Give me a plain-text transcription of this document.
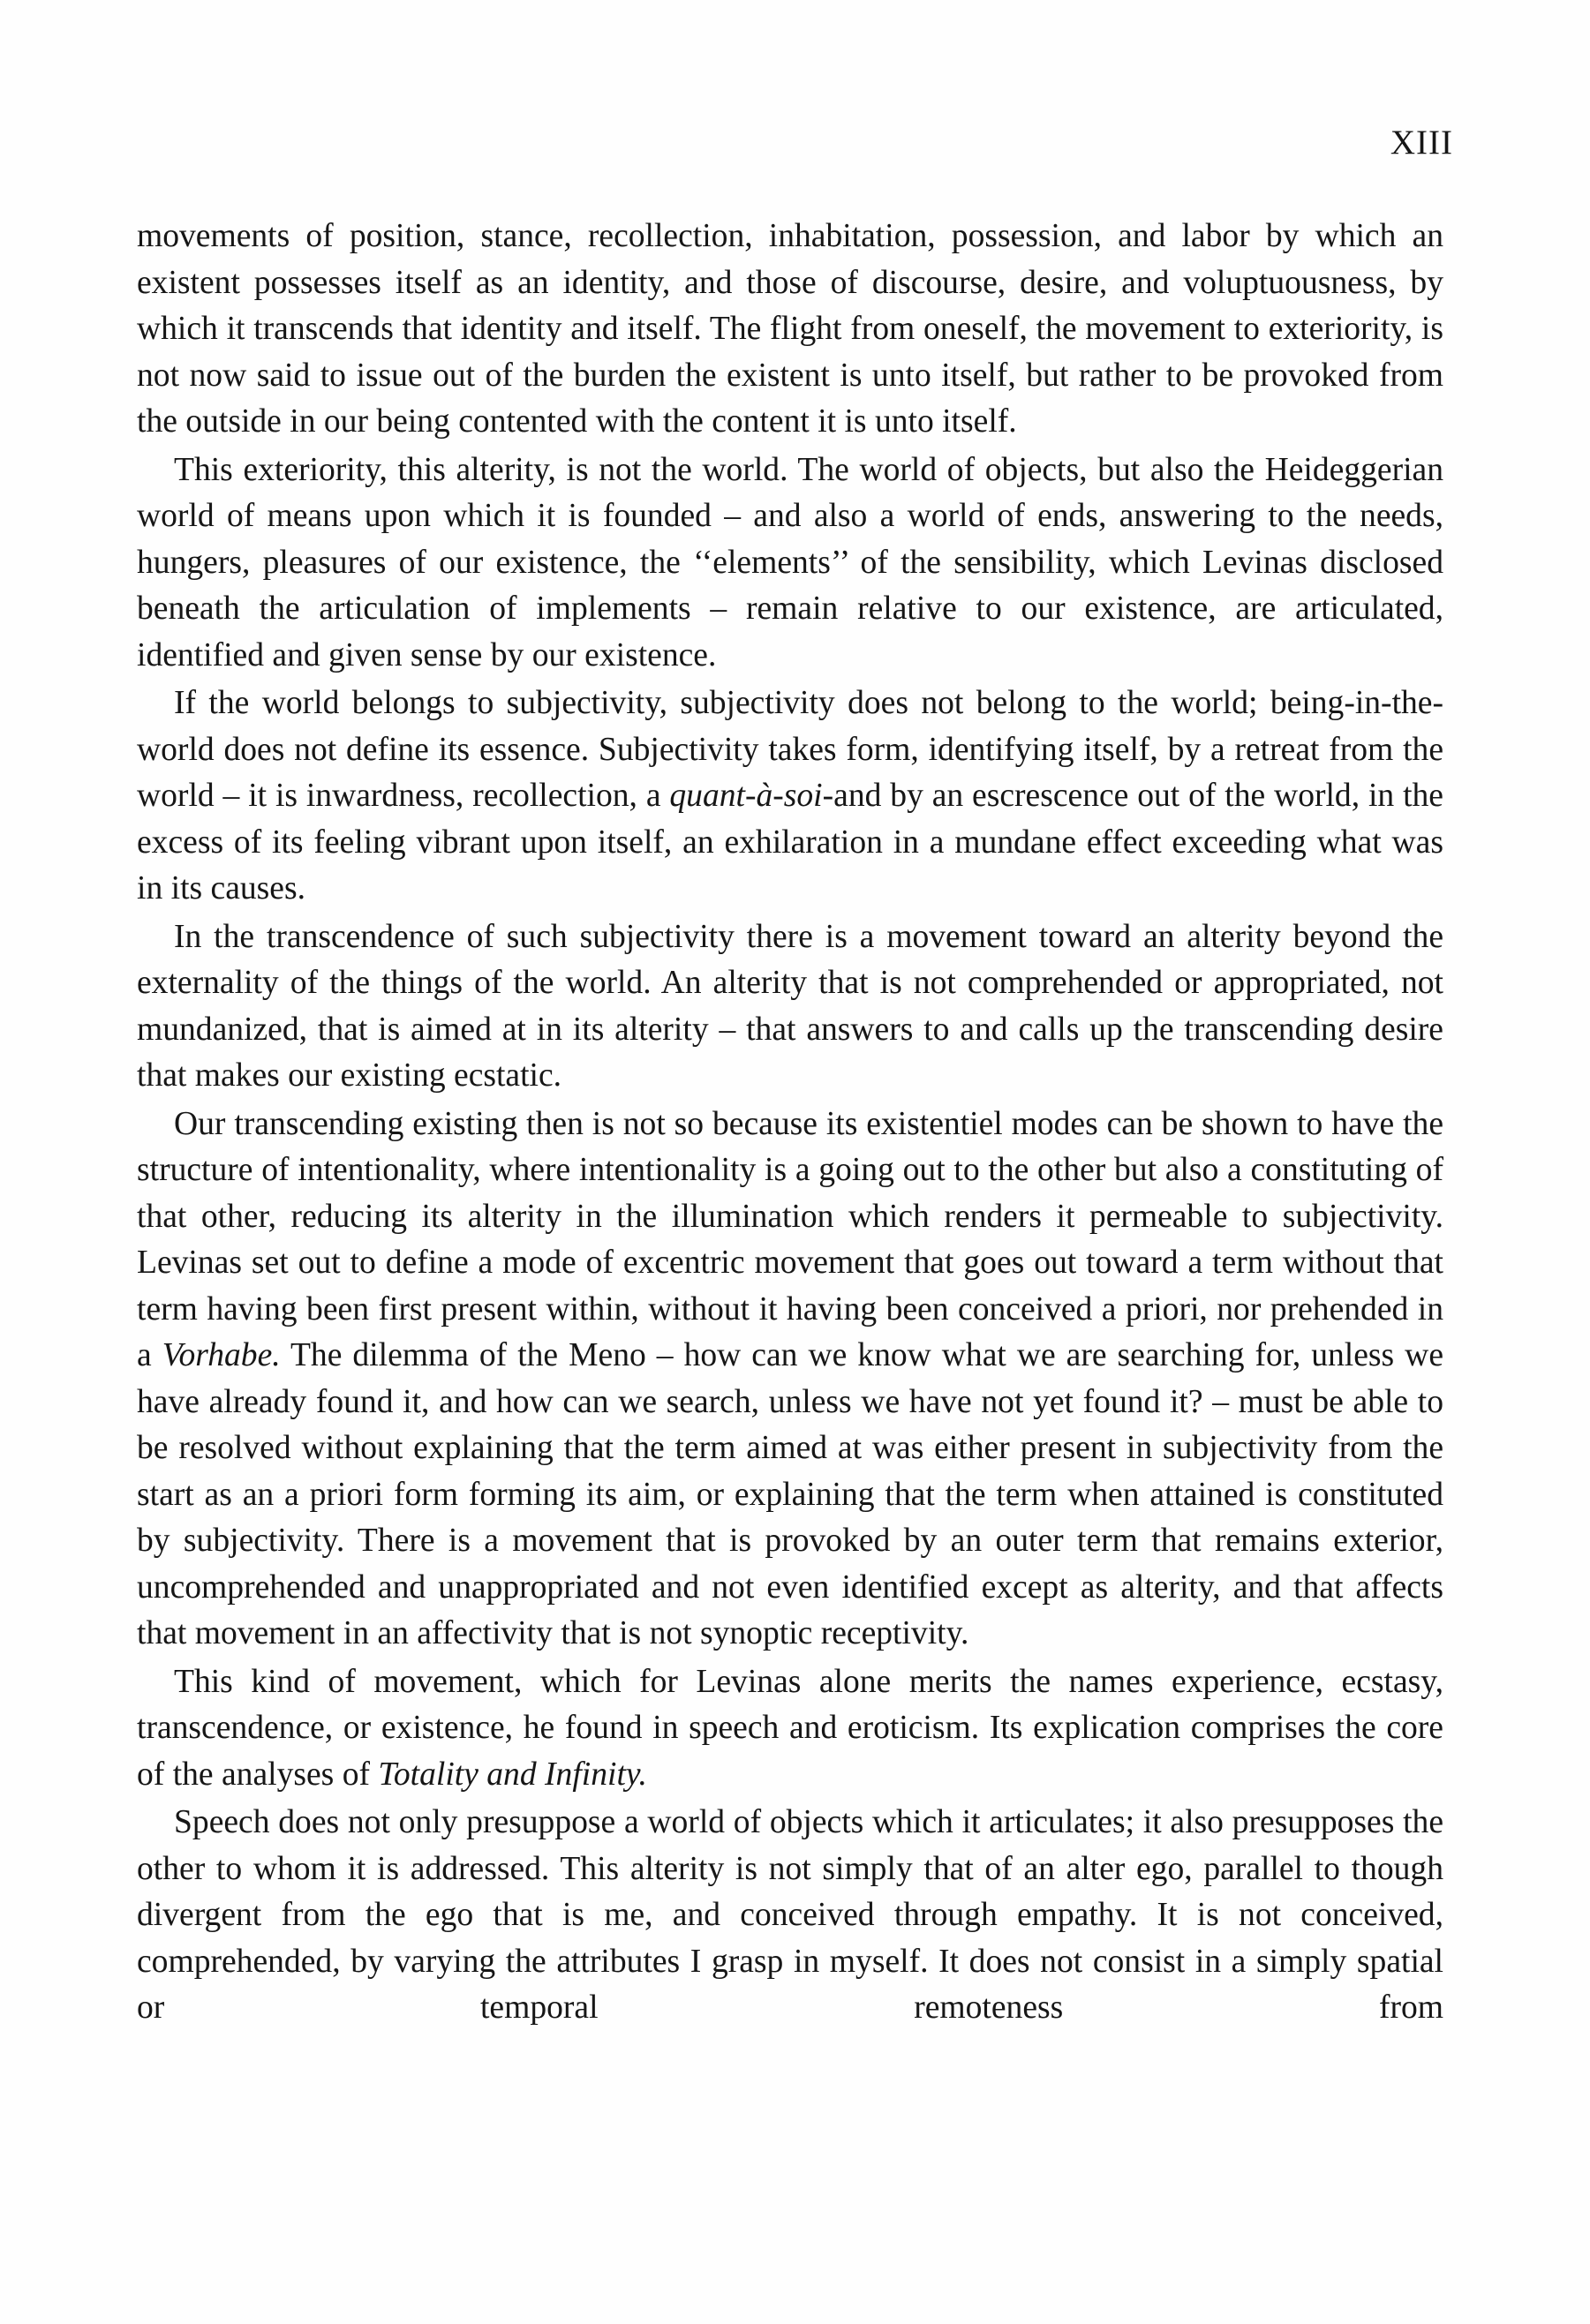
XIII

movements of position, stance, recollection, inhabitation, possession, and labor by which an existent possesses itself as an identity, and those of discourse, desire, and voluptuousness, by which it transcends that identity and itself. The flight from oneself, the movement to exteriority, is not now said to issue out of the burden the existent is unto itself, but rather to be provoked from the outside in our being contented with the content it is unto itself.

This exteriority, this alterity, is not the world. The world of objects, but also the Heideggerian world of means upon which it is founded – and also a world of ends, answering to the needs, hungers, pleasures of our existence, the ‘‘elements’’ of the sensibility, which Levinas disclosed beneath the articulation of implements – remain relative to our existence, are articulated, identified and given sense by our existence.

If the world belongs to subjectivity, subjectivity does not belong to the world; being-in-the-world does not define its essence. Subjectivity takes form, identifying itself, by a retreat from the world – it is inwardness, recollection, a quant-à-soi-and by an escrescence out of the world, in the excess of its feeling vibrant upon itself, an exhilaration in a mundane effect exceeding what was in its causes.

In the transcendence of such subjectivity there is a movement toward an alterity beyond the externality of the things of the world. An alterity that is not comprehended or appropriated, not mundanized, that is aimed at in its alterity – that answers to and calls up the transcending desire that makes our existing ecstatic.

Our transcending existing then is not so because its existentiel modes can be shown to have the structure of intentionality, where intentionality is a going out to the other but also a constituting of that other, reducing its alterity in the illumination which renders it permeable to subjectivity. Levinas set out to define a mode of excentric movement that goes out toward a term without that term having been first present within, without it having been conceived a priori, nor prehended in a Vorhabe. The dilemma of the Meno – how can we know what we are searching for, unless we have already found it, and how can we search, unless we have not yet found it? – must be able to be resolved without explaining that the term aimed at was either present in subjectivity from the start as an a priori form forming its aim, or explaining that the term when attained is constituted by subjectivity. There is a movement that is provoked by an outer term that remains exterior, uncomprehended and unappropriated and not even identified except as alterity, and that affects that movement in an affectivity that is not synoptic receptivity.

This kind of movement, which for Levinas alone merits the names experience, ecstasy, transcendence, or existence, he found in speech and eroticism. Its explication comprises the core of the analyses of Totality and Infinity.

Speech does not only presuppose a world of objects which it articulates; it also presupposes the other to whom it is addressed. This alterity is not simply that of an alter ego, parallel to though divergent from the ego that is me, and conceived through empathy. It is not conceived, comprehended, by varying the attributes I grasp in myself. It does not consist in a simply spatial or temporal remoteness from
